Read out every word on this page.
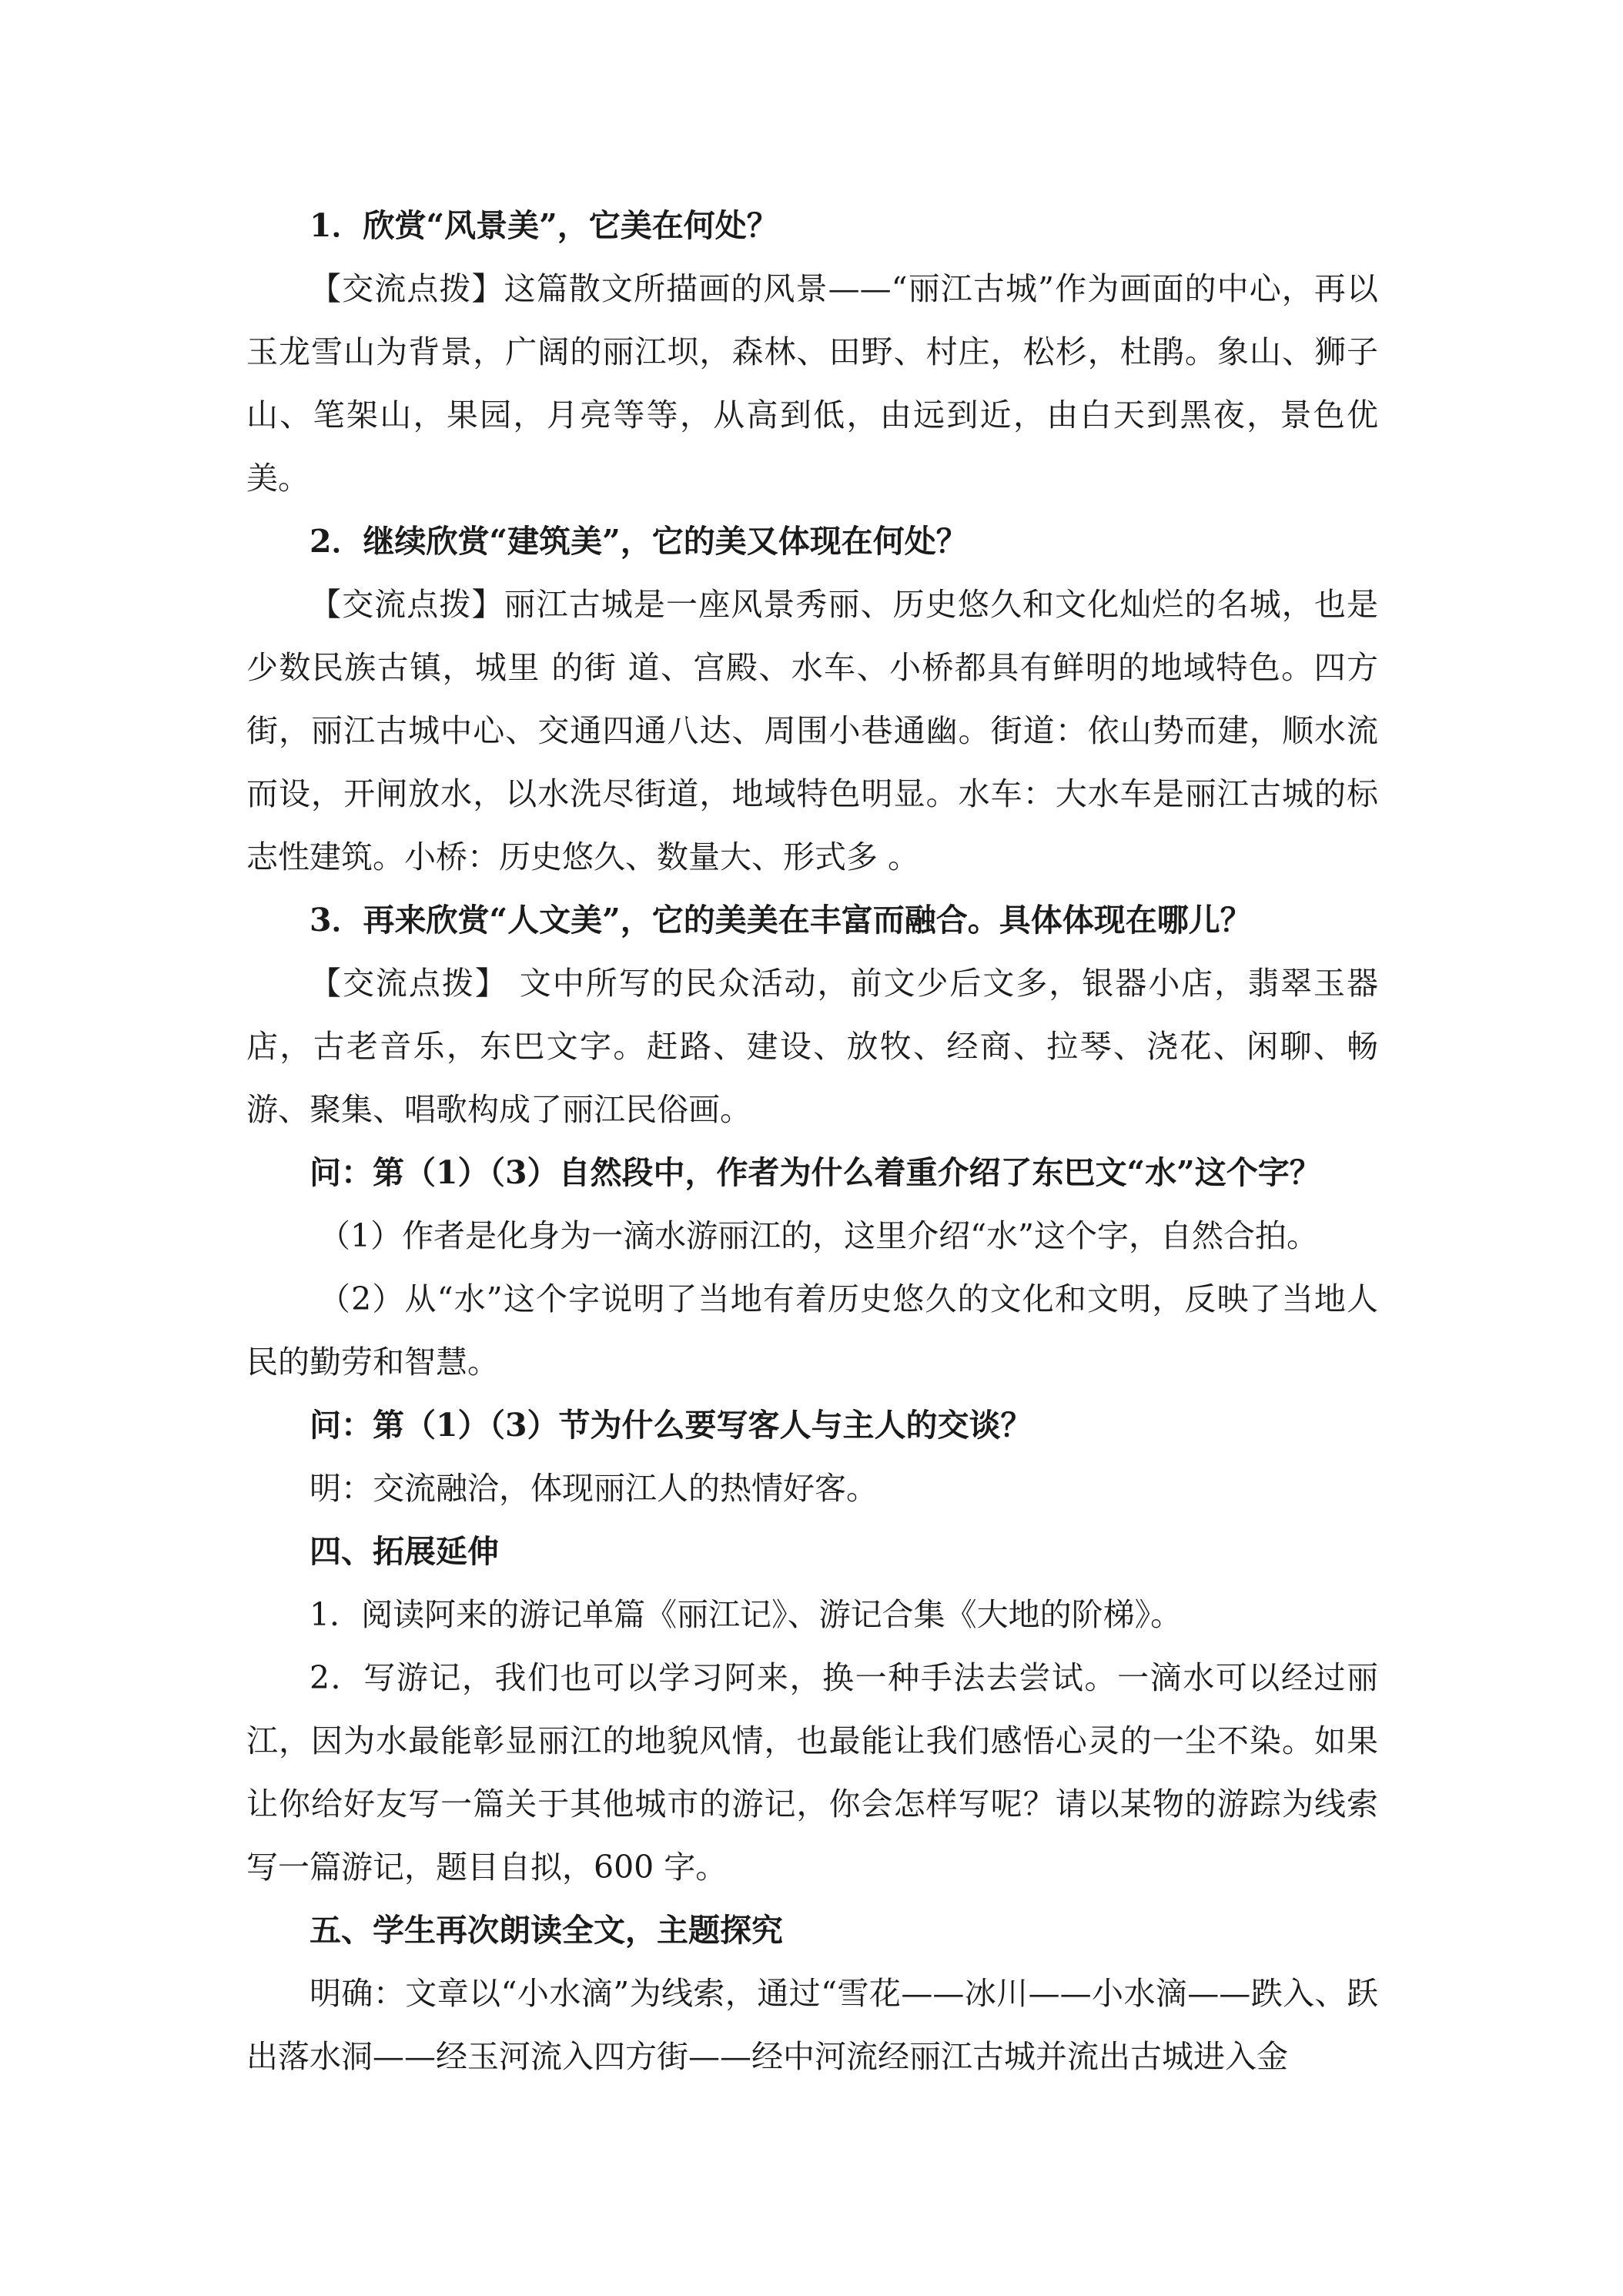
1．欣赏“风景美”，它美在何处？

【交流点拨】这篇散文所描画的风景——“丽江古城”作为画面的中心，再以玉龙雪山为背景，广阔的丽江坝，森林、田野、村庄，松杉，杜鹃。象山、狮子山、笔架山，果园，月亮等等，从高到低，由远到近，由白天到黑夜，景色优美。

2．继续欣赏“建筑美”，它的美又体现在何处？

【交流点拨】丽江古城是一座风景秀丽、历史悠久和文化灿烂的名城，也是少数民族古镇，城里 的街 道、宫殿、水车、小桥都具有鲜明的地域特色。四方街，丽江古城中心、交通四通八达、周围小巷通幽。街道：依山势而建，顺水流而设，开闸放水，以水洗尽街道，地域特色明显。水车：大水车是丽江古城的标志性建筑。小桥：历史悠久、数量大、形式多 。

3．再来欣赏“人文美”，它的美美在丰富而融合。具体体现在哪儿？

【交流点拨】 文中所写的民众活动，前文少后文多，银器小店，翡翠玉器店，古老音乐，东巴文字。赶路、建设、放牧、经商、拉琴、浇花、闲聊、畅游、聚集、唱歌构成了丽江民俗画。

问：第（1）（3）自然段中，作者为什么着重介绍了东巴文“水”这个字？

（1）作者是化身为一滴水游丽江的，这里介绍“水”这个字，自然合拍。

（2）从“水”这个字说明了当地有着历史悠久的文化和文明，反映了当地人民的勤劳和智慧。

问：第（1）（3）节为什么要写客人与主人的交谈？

明：交流融洽，体现丽江人的热情好客。

四、拓展延伸

1．阅读阿来的游记单篇《丽江记》、游记合集《大地的阶梯》。

2．写游记，我们也可以学习阿来，换一种手法去尝试。一滴水可以经过丽江，因为水最能彰显丽江的地貌风情，也最能让我们感悟心灵的一尘不染。如果让你给好友写一篇关于其他城市的游记，你会怎样写呢？请以某物的游踪为线索写一篇游记，题目自拟，600 字。

五、学生再次朗读全文，主题探究

明确：文章以“小水滴”为线索，通过“雪花——冰川——小水滴——跌入、跃出落水洞——经玉河流入四方街——经中河流经丽江古城并流出古城进入金
